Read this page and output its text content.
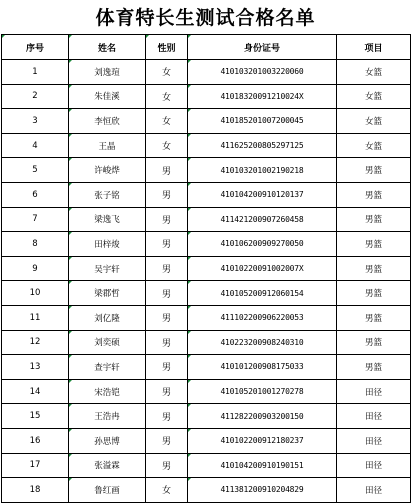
体育特长生测试合格名单
序号	姓名	性别	身份证号	项目
1	刘逸瑄	女	410103201003220060	女篮
2	朱佳溪	女	41018320091210024X	女篮
3	李恒欣	女	410185201007200045	女篮
4	王晶	女	411625200805297125	女篮
5	许峻烨	男	410103201002190218	男篮
6	张子铭	男	410104200910120137	男篮
7	梁逸飞	男	411421200907260458	男篮
8	田梓焌	男	410106200909270050	男篮
9	吴宇轩	男	41010220091002007X	男篮
10	梁郡哲	男	410105200912060154	男篮
11	刘亿隆	男	411102200906220053	男篮
12	刘奕硕	男	410223200908240310	男篮
13	查宇轩	男	410101200908175033	男篮
14	宋浩铠	男	410105201001270278	田径
15	王浩冉	男	411282200903200150	田径
16	孙思博	男	410102200912180237	田径
17	张溢霖	男	410104200910190151	田径
18	鲁红画	女	411381200910204829	田径
